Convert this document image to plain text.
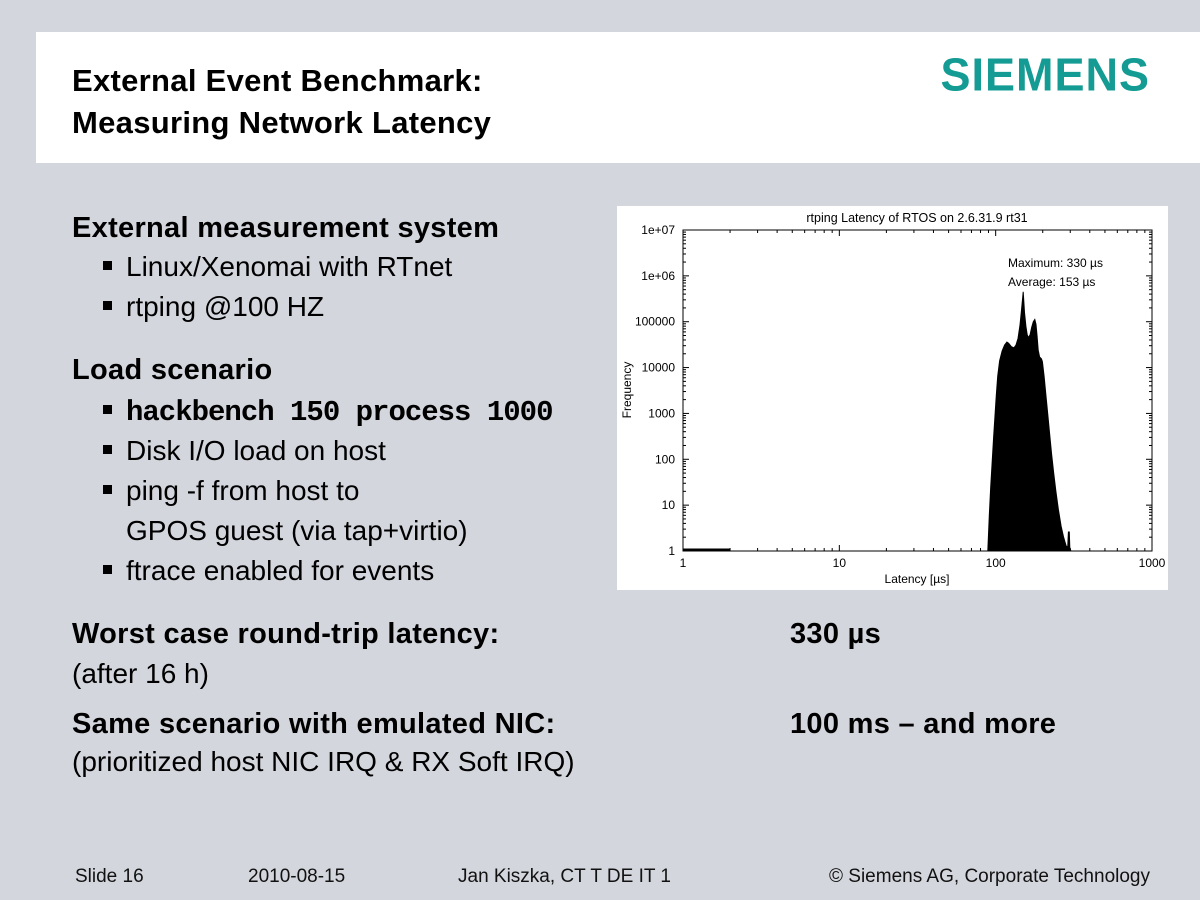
External Event Benchmark:
Measuring Network Latency
SIEMENS
External measurement system
Linux/Xenomai with RTnet
rtping @100 HZ
Load scenario
hackbench 150 process 1000
Disk I/O load on host
ping -f from host to
GPOS guest (via tap+virtio)
ftrace enabled for events
Worst case round-trip latency:	330 µs
(after 16 h)
Same scenario with emulated NIC:	100 ms – and more
(prioritized host NIC IRQ & RX Soft IRQ)
rtping Latency of RTOS on 2.6.31.9 rt31
Maximum: 330 µs
Average: 153 µs
Frequency
Latency [µs]
1	10	100	1000
1
10
100
1000
10000
100000
1e+06
1e+07
Slide 16	2010-08-15	Jan Kiszka, CT T DE IT 1	© Siemens AG, Corporate Technology
